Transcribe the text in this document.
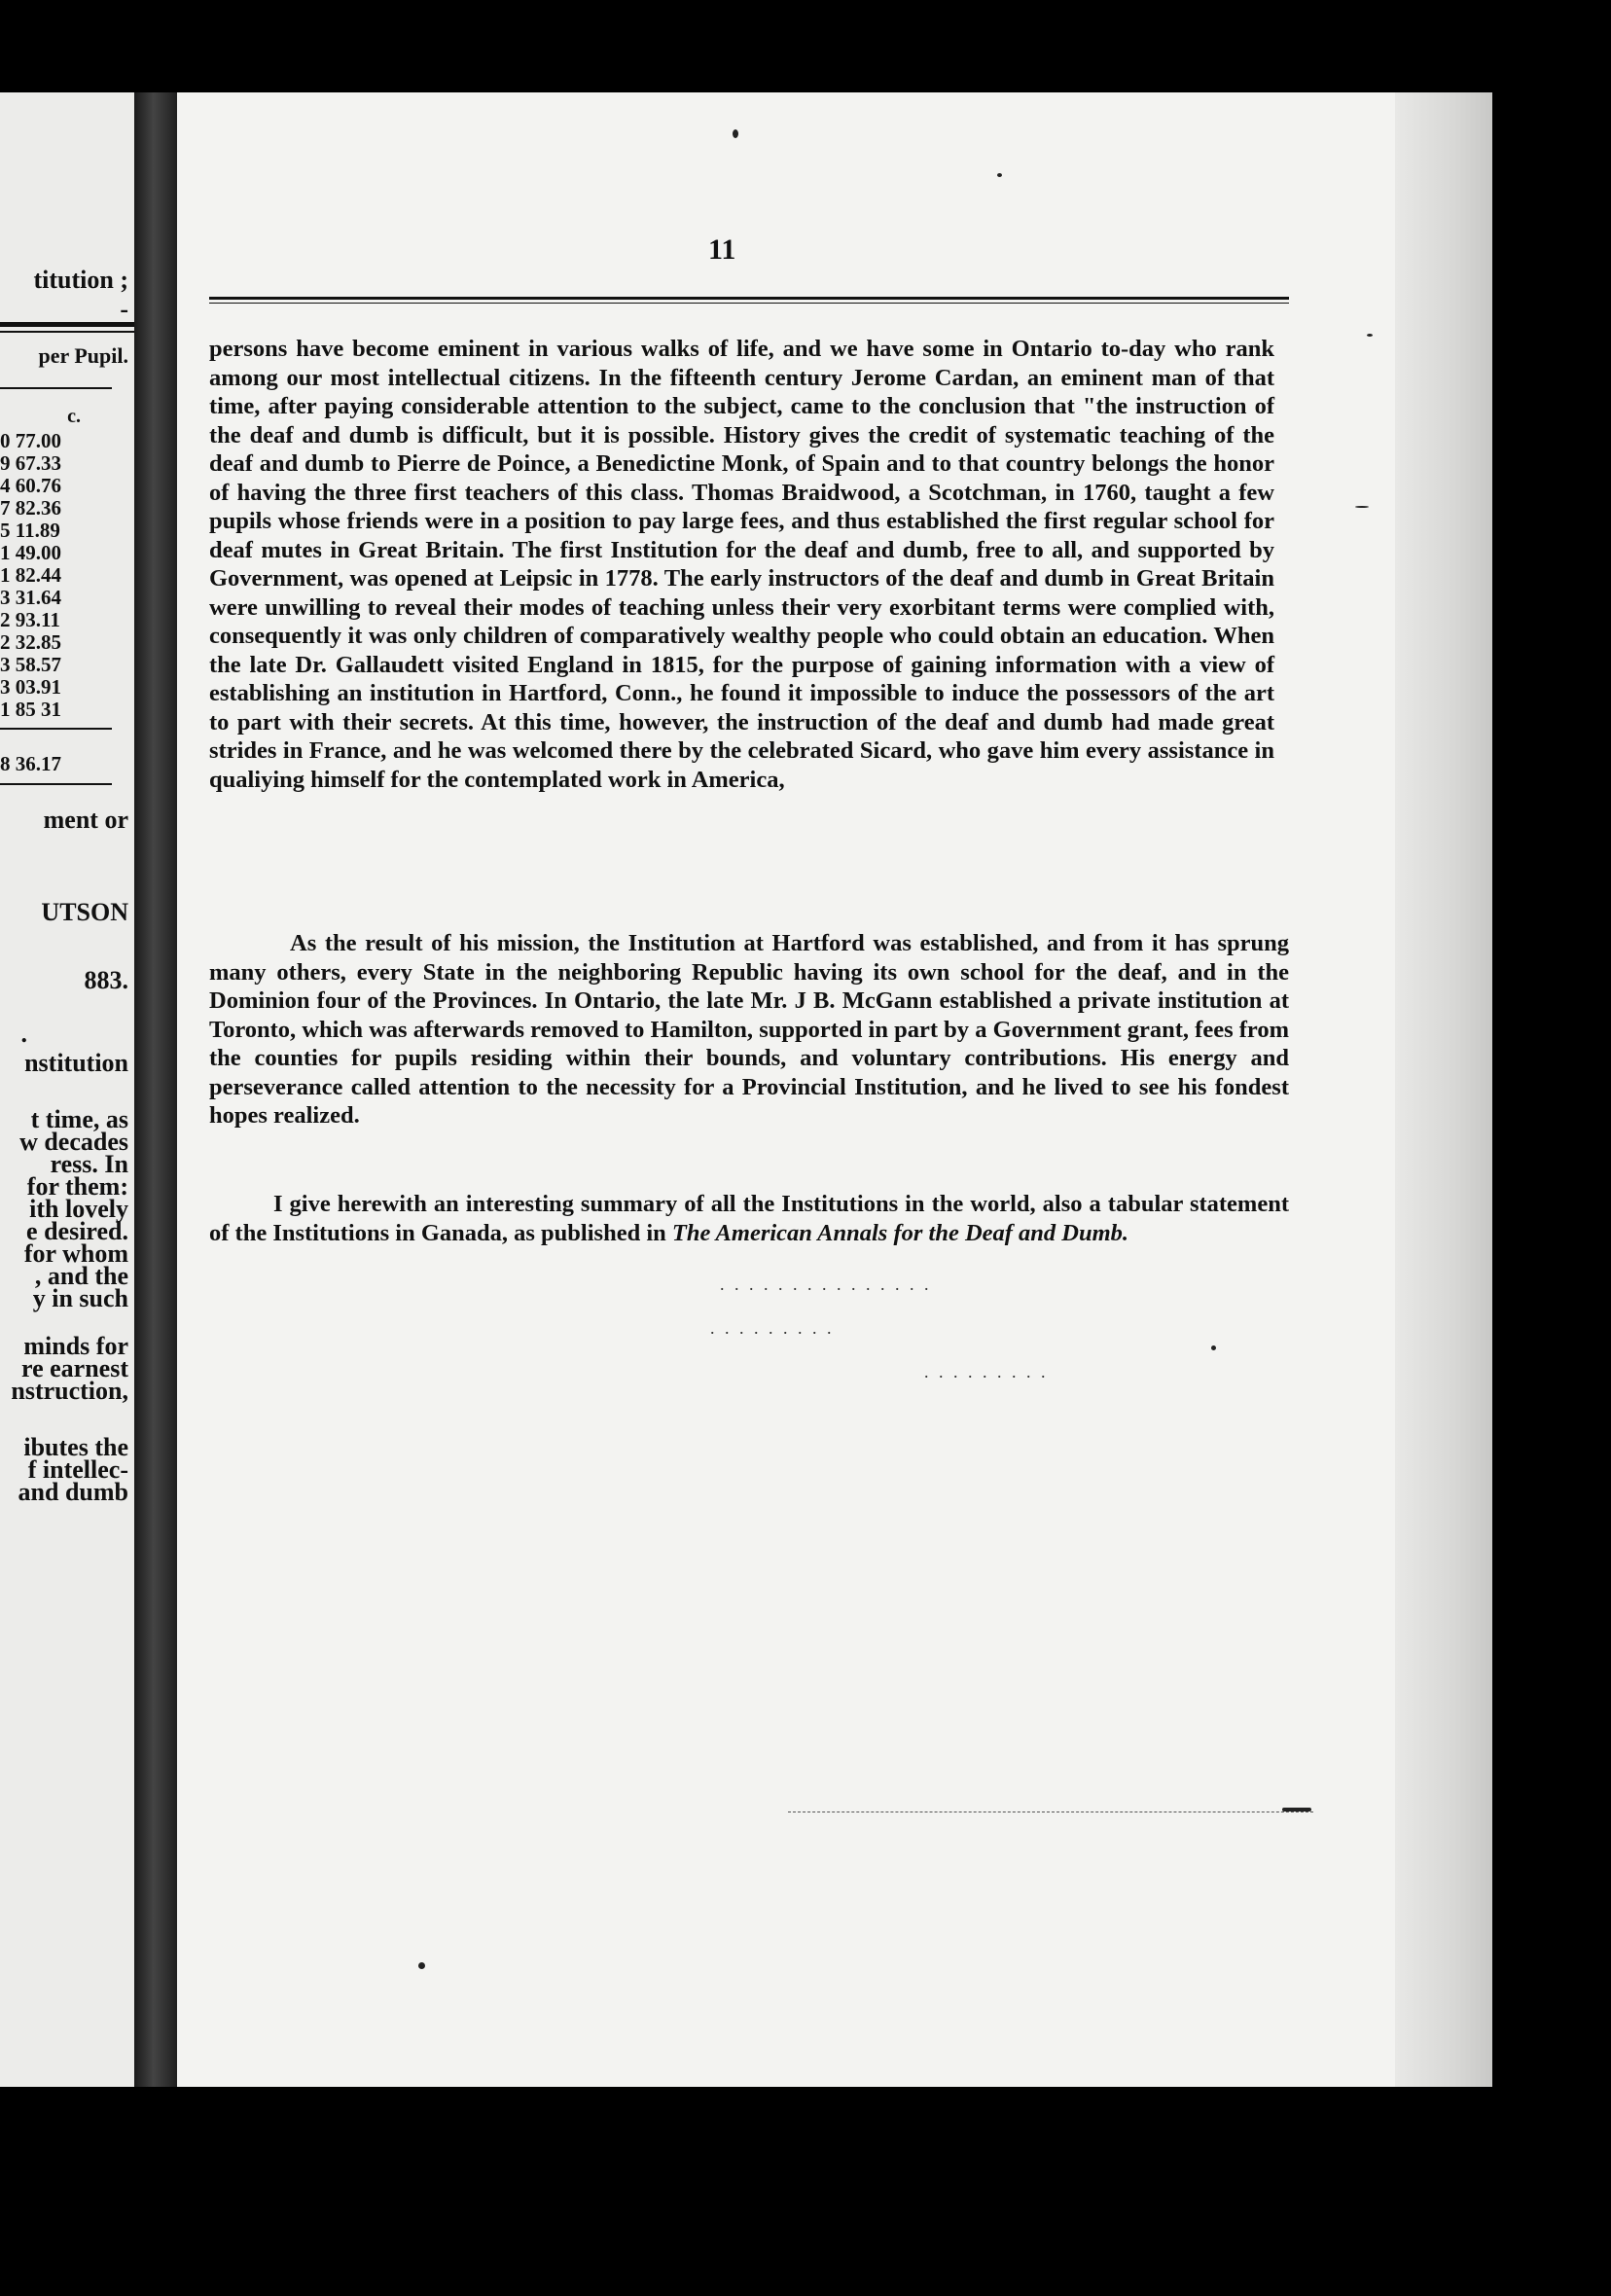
titution ;
-
per Pupil.
c.
0 77.00
9 67.33
4 60.76
7 82.36
5 11.89
1 49.00
1 82.44
3 31.64
2 93.11
2 32.85
3 58.57
3 03.91
1 85 31
8 36.17
ment or
UTSON
883.
.
nstitution
t time, as
w decades
ress. In
for them:
ith lovely
e desired.
for whom
, and the
y in such
minds for
re earnest
nstruction,
ibutes the
f intellec-
and dumb
11

persons have become eminent in various walks of life, and we have some in Ontario to-day who rank among our most intellectual citizens. In the fifteenth century Jerome Cardan, an eminent man of that time, after paying considerable attention to the subject, came to the conclusion that "the instruction of the deaf and dumb is difficult, but it is possible. History gives the credit of systematic teaching of the deaf and dumb to Pierre de Poince, a Benedictine Monk, of Spain and to that country belongs the honor of having the three first teachers of this class. Thomas Braidwood, a Scotchman, in 1760, taught a few pupils whose friends were in a position to pay large fees, and thus established the first regular school for deaf mutes in Great Britain. The first Institution for the deaf and dumb, free to all, and supported by Government, was opened at Leipsic in 1778. The early instructors of the deaf and dumb in Great Britain were unwilling to reveal their modes of teaching unless their very exorbitant terms were complied with, consequently it was only children of comparatively wealthy people who could obtain an education. When the late Dr. Gallaudett visited England in 1815, for the purpose of gaining information with a view of establishing an institution in Hartford, Conn., he found it impossible to induce the possessors of the art to part with their secrets. At this time, however, the instruction of the deaf and dumb had made great strides in France, and he was welcomed there by the celebrated Sicard, who gave him every assistance in qualiying himself for the contemplated work in America,

As the result of his mission, the Institution at Hartford was established, and from it has sprung many others, every State in the neighboring Republic having its own school for the deaf, and in the Dominion four of the Provinces. In Ontario, the late Mr. J B. McGann established a private institution at Toronto, which was afterwards removed to Hamilton, supported in part by a Government grant, fees from the counties for pupils residing within their bounds, and voluntary contributions. His energy and perseverance called attention to the necessity for a Provincial Institution, and he lived to see his fondest hopes realized.

I give herewith an interesting summary of all the Institutions in the world, also a tabular statement of the Institutions in Ganada, as published in The American Annals for the Deaf and Dumb.

. . . . . . . . . . . . . . .
. . . . . . . . .
. . . . . . . . .
